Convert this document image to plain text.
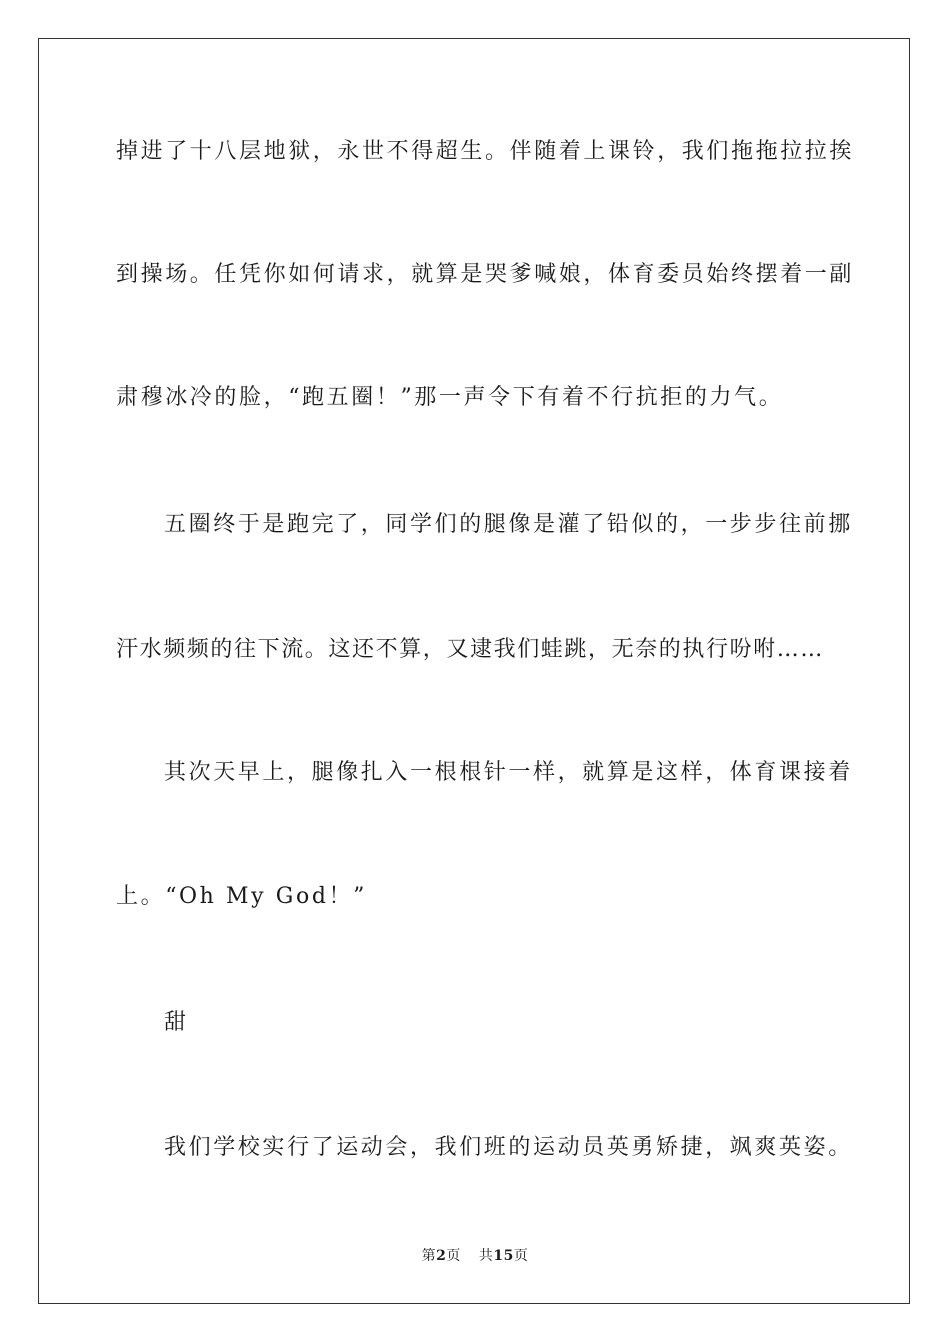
掉进了十八层地狱，永世不得超生。伴随着上课铃，我们拖拖拉拉挨
到操场。任凭你如何请求，就算是哭爹喊娘，体育委员始终摆着一副
肃穆冰冷的脸，“跑五圈！”那一声令下有着不行抗拒的力气。
五圈终于是跑完了，同学们的腿像是灌了铅似的，一步步往前挪
汗水频频的往下流。这还不算，又逮我们蛙跳，无奈的执行吩咐……
其次天早上，腿像扎入一根根针一样，就算是这样，体育课接着
上。“Oh My God！”
甜
我们学校实行了运动会，我们班的运动员英勇矫捷，飒爽英姿。
第2页 共15页
